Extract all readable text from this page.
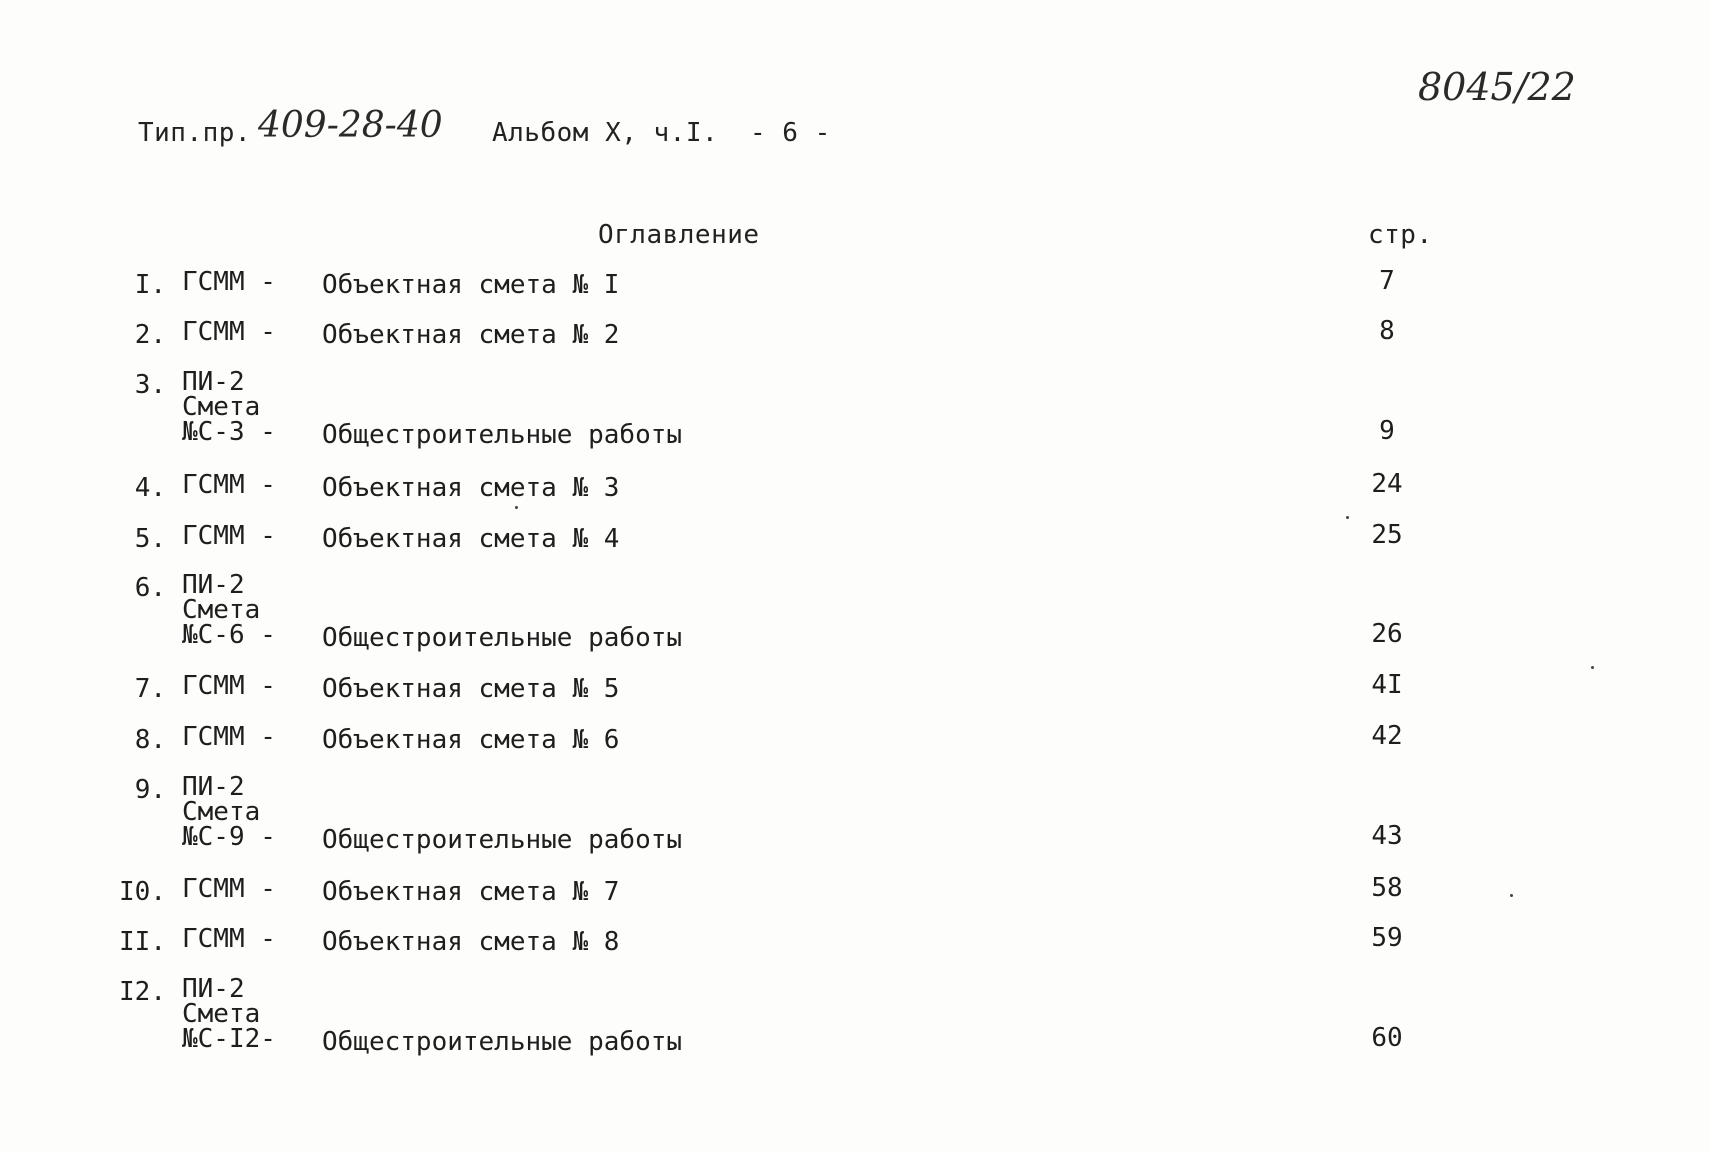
Тип.пр. 409-28-40 Альбом X, ч.I. - 6 -
8045/22
Оглавление	стр.
I. ГСММ - Объектная смета № I	7
2. ГСММ - Объектная смета № 2	8
3. ПИ-2
Смета
№С-3 - Общестроительные работы	9
4. ГСММ - Объектная смета № 3	24
5. ГСММ - Объектная смета № 4	25
6. ПИ-2
Смета
№С-6 - Общестроительные работы	26
7. ГСММ - Объектная смета № 5	4I
8. ГСММ - Объектная смета № 6	42
9. ПИ-2
Смета
№С-9 - Общестроительные работы	43
I0. ГСММ - Объектная смета № 7	58
II. ГСММ - Объектная смета № 8	59
I2. ПИ-2
Смета
№С-I2- Общестроительные работы	60
